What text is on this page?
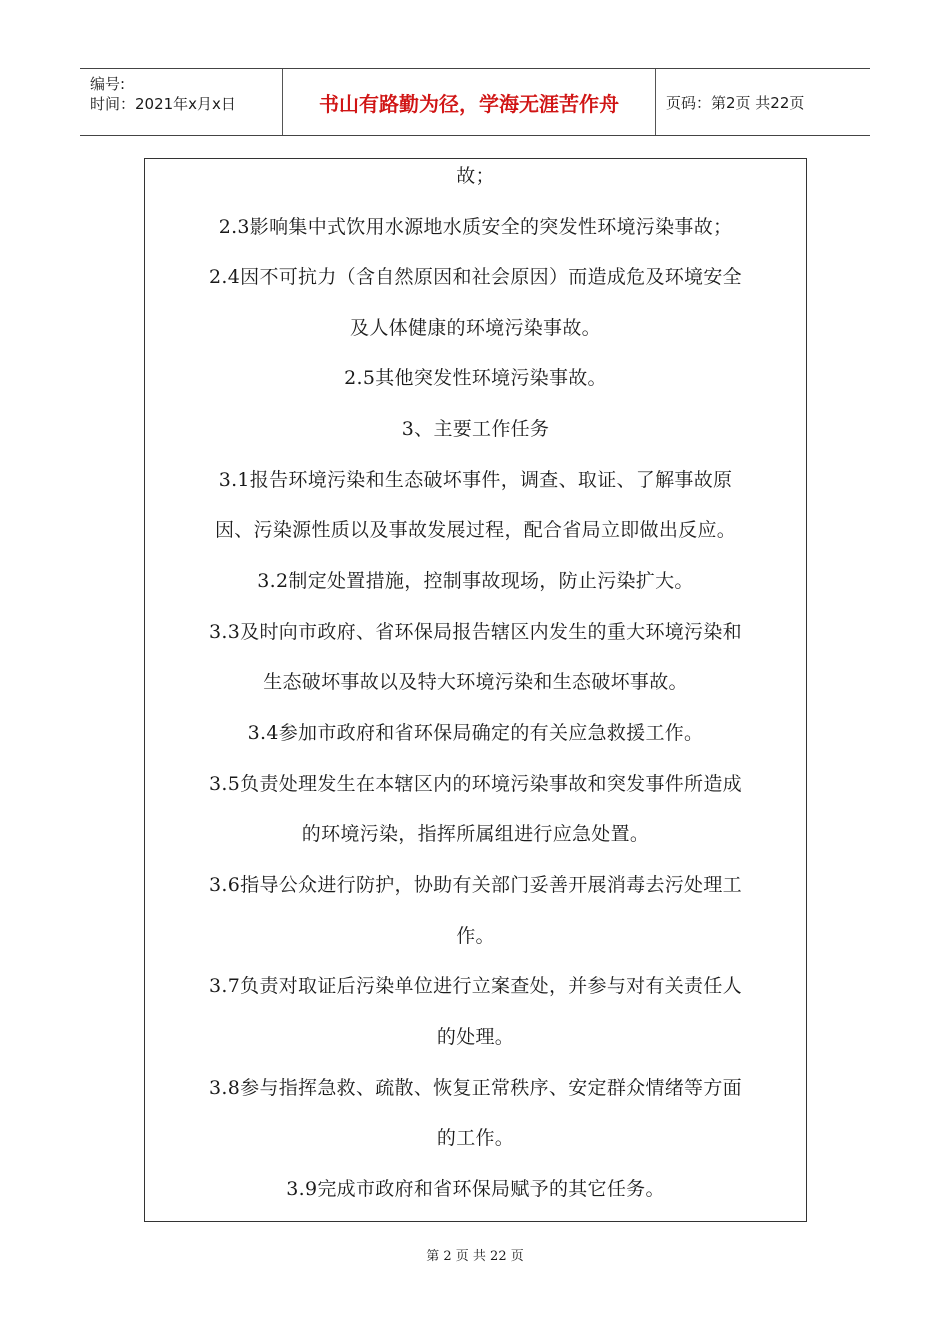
编号:
时间：2021年x月x日	书山有路勤为径，学海无涯苦作舟	页码：第2页 共22页
故；
2.3影响集中式饮用水源地水质安全的突发性环境污染事故；
2.4因不可抗力（含自然原因和社会原因）而造成危及环境安全
及人体健康的环境污染事故。
2.5其他突发性环境污染事故。
3、主要工作任务
3.1报告环境污染和生态破坏事件，调查、取证、了解事故原
因、污染源性质以及事故发展过程，配合省局立即做出反应。
3.2制定处置措施，控制事故现场，防止污染扩大。
3.3及时向市政府、省环保局报告辖区内发生的重大环境污染和
生态破坏事故以及特大环境污染和生态破坏事故。
3.4参加市政府和省环保局确定的有关应急救援工作。
3.5负责处理发生在本辖区内的环境污染事故和突发事件所造成
的环境污染，指挥所属组进行应急处置。
3.6指导公众进行防护，协助有关部门妥善开展消毒去污处理工
作。
3.7负责对取证后污染单位进行立案查处，并参与对有关责任人
的处理。
3.8参与指挥急救、疏散、恢复正常秩序、安定群众情绪等方面
的工作。
3.9完成市政府和省环保局赋予的其它任务。
第 2 页 共 22 页
